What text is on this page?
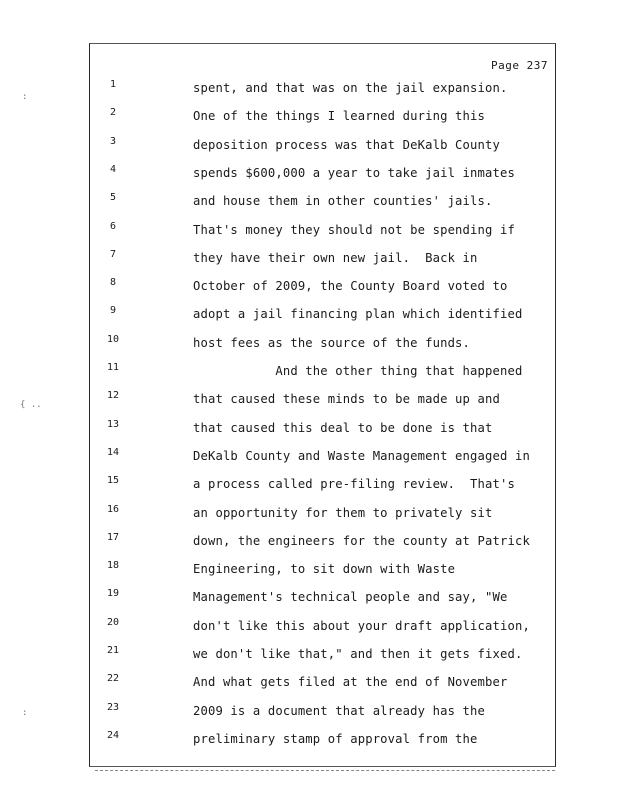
Page 237
:
{ ..
:
1	spent, and that was on the jail expansion.
2	One of the things I learned during this
3	deposition process was that DeKalb County
4	spends $600,000 a year to take jail inmates
5	and house them in other counties' jails.
6	That's money they should not be spending if
7	they have their own new jail.  Back in
8	October of 2009, the County Board voted to
9	adopt a jail financing plan which identified
10	host fees as the source of the funds.
11	And the other thing that happened
12	that caused these minds to be made up and
13	that caused this deal to be done is that
14	DeKalb County and Waste Management engaged in
15	a process called pre-filing review.  That's
16	an opportunity for them to privately sit
17	down, the engineers for the county at Patrick
18	Engineering, to sit down with Waste
19	Management's technical people and say, "We
20	don't like this about your draft application,
21	we don't like that," and then it gets fixed.
22	And what gets filed at the end of November
23	2009 is a document that already has the
24	preliminary stamp of approval from the
